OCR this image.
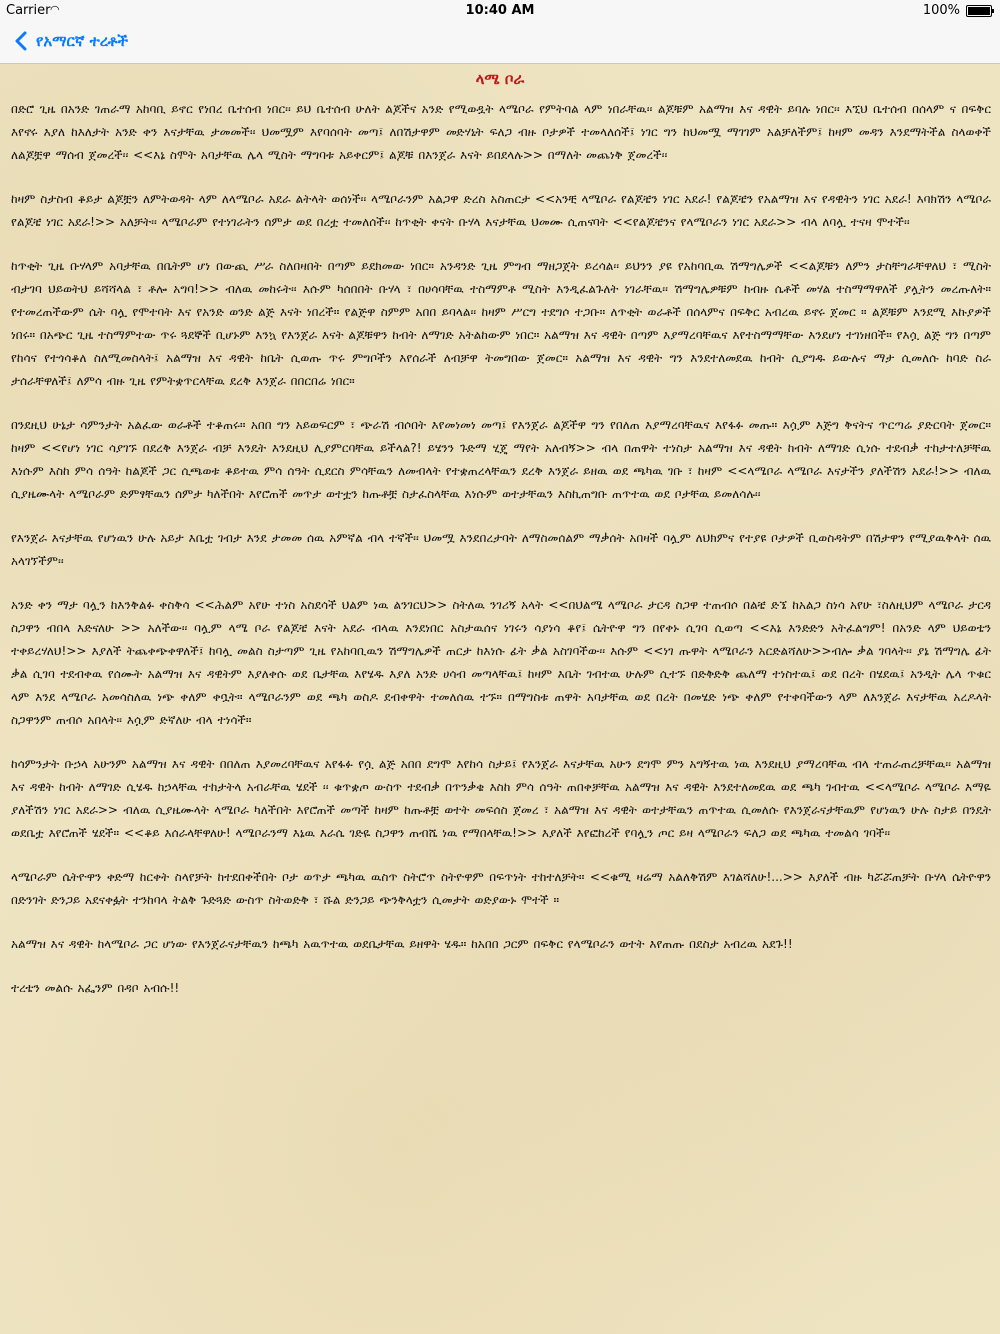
Carrier ◠	10:40 AM	100%
የአማርኛ ተረቶች
ላሜ ቦራ

በድሮ ጊዜ በአንድ ገጠራማ አከባቢ ይኖር የነበረ ቤተሰብ ነበር፡፡ ይህ ቤተሰብ ሁለት ልጆችና አንድ የሚወዷት ላሜቦራ የምትባል ላም ነበራቸዉ፡፡ ልጆቹም አልማዝ እና ዳዊት ይባሉ ነበር፡፡ እኚህ ቤተሰብ በሰላም ና በፍቅር እየኖሩ እያለ ከእለታት አንድ ቀን እናታቸዉ ታመመች፡፡ ህመሟም እየባሰባት መጣ፤ ለበሽታዋም መድሃኒት ፍለጋ ብዙ ቦታዎች ተመላለሰች፤ ነገር ግን ከህመሟ ማገገም አልቻለችም፤ ከዛም መዳን እንደማትችል ስላወቀች ለልጆቿዋ ማሰብ ጀመረች፡፡ <<እኔ ስሞት አባታቸዉ ሌላ ሚስት ማግባቱ አይቀርም፤ ልጆቹ በእንጀራ እናት ይበደላሉ>> በማለት መጨነቅ ጀመረች፡፡

ከዛም ስታስብ ቆይታ ልጆቿን ለምትወዳት ላም ለላሜቦራ አደራ ልትላት ወሰነች፡፡ ላሜቦራንም አልጋዋ ድረስ አስጠርታ <<አንቺ ላሜቦራ የልጆቼን ነገር አደራ! የልጆቼን የአልማዝ እና የዳዊትን ነገር አደራ! እባክሽን ላሜቦራ የልጆቼ ነገር አደራ!>> አለቻት፡፡ ላሜቦራም የተነገራትን ሰምታ ወደ በረቷ ተመለሰች፡፡ ከጥቂት ቀናት ቡሃላ እናታቸዉ ህመሙ ሲጠናባት <<የልጆቼንና የላሜቦራን ነገር አደራ>> ብላ ለባሏ ተናዛ ሞተች፡፡

ከጥቂት ጊዜ ቡሃላም አባታቸዉ በቤትም ሆነ በውጪ ሥራ ስለበዛበት በጣም ይደክመው ነበር። አንዳንድ ጊዜ ምግብ ማዘጋጀት ይረሳል፡፡ ይህንን ያዩ የአከባቢዉ ሽማግሌዎች <<ልጆቹን ለምን ታስቸግራቸዋለህ ፣ ሚስት ብታገባ ህይወትህ ይሻሻላል ፣ ቶሎ አግባ!>> ብለዉ መከሩት፡፡ እሱም ካሰበበት ቡሃላ ፣ በሀሳባቸዉ ተስማምቶ ሚስት እንዲፈልጉለት ነገራቸዉ፡፡ ሽማግሌዎቹም ከብዙ ሴቶች መሃል ተስማማዋለች ያሏትን መረጡለት። የተመረጠችውም ሴት ባሏ የሞተባት እና የአንድ ወንድ ልጅ እናት ነበረች። የልጅዋ ስምም አበበ ይባላል፡፡ ከዛም ሥርግ ተደግሶ ተጋቡ። ለጥቂት ወራቶች በሰላምና በፍቅር አብረዉ ይኖሩ ጀመር ። ልጆቹም እንደሚ እኩያዎች ነበሩ። በአጭር ጊዜ ተስማምተው ጥሩ ጓደኞች ቢሆኑም እንኳ የእንጀራ እናት ልጆቹዋን ከብት ለማገድ አትልከውም ነበር። አልማዝ እና ዳዊት በጣም እያማረባቸዉና እየተስማማቸው እንደሆነ ተገነዘበች። የእሷ ልጅ ግን በጣም የከሳና የተጎሳቆለ ስለሚመስላት፤ አልማዝ እና ዳዊት ከቤት ሲወጡ ጥሩ ምግቦችን እየሰራች ለብቻዋ ትመግበው ጀመር። አልማዝ እና ዳዊት ግን እንደተለመደዉ ከብት ሲያግዱ ይውሉና ማታ ሲመለሱ ከባድ ስራ ታሰራቸዋለች፤ ለምሳ ብዙ ጊዜ የምትቋጥርላቸዉ ደረቅ እንጀራ በበርበሬ ነበር።

በንደዚህ ሁኔታ ሳምንታት አልፈው ወራቶች ተቆጠሩ። አበበ ግን አይወፍርም ፣ ጭራሽ ብሶበት እየመነመነ መጣ፤ የእንጀራ ልጆችዋ ግን የበለጠ እያማረባቸዉና እየፋፉ መጡ። እሷም እጅግ ቅናትና ጥርጣሬ ያድርባት ጀመር። ከዛም <<የሆነ ነገር ሳያገኙ በደረቅ እንጀራ ብቻ እንዴት እንደዚህ ሊያምርባቸዉ ይችላል?! ይሄንን ጉድማ ሂጄ ማየት አለብኝ>> ብላ በጠዋት ተነስታ አልማዝ እና ዳዊት ከብት ለማገድ ሲነሱ ተደብቃ ተከታተለቻቸዉ እነሱም እስከ ምሳ ሰዓት ከልጆች ጋር ሲጫወቱ ቆይተዉ ምሳ ሰዓት ሲደርስ ምሳቸዉን ለመብላት የተቋጠረላቸዉን ደረቅ እንጀራ ይዘዉ ወደ ጫካዉ ገቡ ፣ ከዛም <<ላሜቦራ ላሜቦራ እናታችን ያለችሽን አደራ!>> ብለዉ ሲያዜሙላት ላሜቦራም ድምፃቸዉን ሰምታ ካለችበት እየሮጠች መጥታ ወተቷን ከጡቶቿ ስታፈስላቸዉ እነሱም ወተታቸዉን እስኪጠግቡ ጠጥተዉ ወደ ቦታቸዉ ይመለሳሉ፡፡

የእንጀራ እናታቸዉ የሆነዉን ሁሉ አይታ እቤቷ ገብታ እንደ ታመመ ሰዉ አምኛል ብላ ተኛች፡፡ ህመሟ እንደበረታባት ለማስመሰልም ማቃሰት አበዛች ባሏም ለህክምና የተያዩ ቦታዎች ቢወስዳትም በሽታዋን የሚያዉቅላት ሰዉ አላገኘችም፡፡

አንድ ቀን ማታ ባሏን ከእንቅልፉ ቀስቅሳ <<ሕልም አየሁ ተነስ አስደሳች ህልም ነዉ ልንገርህ>> ስትለዉ ንገሪኝ አላት <<በህልሜ ላሜቦራ ታርዳ ስጋዋ ተጠብሶ በልቼ ድኜ ከአልጋ ስነሳ አየሁ ፣ስለዚህም ላሜቦራ ታርዳ ስጋዋን ብበላ እድናለሁ >> አለችው፡፡ ባሏም ላሜ ቦራ የልጆቼ እናት አደራ ብላዉ እንደነበር አስታዉሰና ነገሩን ሳያነሳ ቆየ፤ ሴትዮዋ ግን በየቀኑ ሲገባ ሲወጣ <<እኔ እንድድን አትፈልግም! በአንድ ላም ህይወቴን ተቀይረሃለህ!>> እያለች ትጨቀጭቀዋለች፤ ከባሏ መልስ ስታጣም ጊዜ የአከባቢዉን ሽማግሌዎች ጠርታ ከእነሱ ፊት ቃል አስገባችው፡፡ እሱም <<ነገ ጡዋት ላሜቦራን አርድልሻለሁ>>ብሎ ቃል ገባላት፡፡ ያኔ ሽማግሌ ፊት ቃል ሲገባ ተደብቀዉ የሰሙት አልማዝ እና ዳዊትም እያለቀሱ ወደ ቤታቸዉ እየሄዱ እያለ አንድ ሀሳብ መጣላቸዉ፤ ከዛም እቤት ገብተዉ ሁሉም ሲተኙ በድቅድቅ ጨለማ ተነስተዉ፤ ወደ በረት በሄደዉ፤ አንዲት ሌላ ጥቁር ላም እንደ ላሜቦራ አመሳስለዉ ነጭ ቀለም ቀቧት። ላሜቦራንም ወደ ጫካ ወስዶ ደብቀዋት ተመለሰዉ ተኙ። በማግስቱ ጠዋት አባታቸዉ ወደ በረት በመሄድ ነጭ ቀለም የተቀባችውን ላም ለእንጀራ እናታቸዉ አረዶላት ስጋዋንም ጠብሶ አበላት፡፡ እሷም ድኛለሁ ብላ ተነሳች።

ከሳምንታት ቡኃላ አሁንም አልማዝ እና ዳዊት በበለጠ እያመረባቸዉና አየፋፉ የሷ ልጅ አበበ ደግሞ እየከሳ ስታይ፤ የእንጀራ እናታቸዉ አሁን ደግሞ ምን አግኝተዉ ነዉ እንደዚህ ያማረባቸዉ ብላ ተጠራጠረቻቸዉ፡፡ አልማዝ እና ዳዊት ከብት ለማገድ ሲሄዱ ከኃላቸዉ ተከታትላ አብራቸዉ ሄደች ፡፡ ቁጥቋጦ ውስጥ ተደብቃ በጥንቃቄ እስከ ምሳ ሰዓት ጠበቀቻቸዉ አልማዝ እና ዳዊት እንደተለመደዉ ወደ ጫካ ገብተዉ <<ላሜቦራ ላሜቦራ እማዬ ያለችሽን ነገር አደራ>> ብለዉ ሲያዜሙላት ላሜቦራ ካለችበት እየሮጠች መጣች ከዛም ከጡቶቿ ወተት መፍሰስ ጀመረ ፣ አልማዝ እና ዳዊት ወተታቸዉን ጠጥተዉ ሲመለሱ የእንጀራናታቸዉም የሆነዉን ሁሉ ስታይ በንዴት ወደቤቷ እየሮጠች ሄደች። <<ቆይ እሰራላቸዋለሁ! ላሜቦራንማ እኔዉ እራሴ ገድዬ ስጋዋን ጠብሼ ነዉ የማበላቸዉ!>> እያለች እየፎከረች የባሏን ጦር ይዛ ላሜቦራን ፍለጋ ወደ ጫካዉ ተመልሳ ገባች፡፡

ላሜቦራም ሴትዮዋን ቀድማ ከርቀት ስላየቻት ከተደበቀችበት ቦታ ወጥታ ጫካዉ ዉስጥ ስትሮጥ ስትዮዋም በፍጥነት ተከተለቻት። <<ቁሚ ዛሬማ አልለቅሽም እገልሻለሁ!...>> እያለች ብዙ ካሯሯጠቻት ቡሃላ ሴትዮዋን በድንገት ድንጋይ አደናቀፏት ተንከባላ ትልቅ ጉድጓድ ውስጥ ስትወድቅ ፣ ሹል ድንጋይ ጭንቅላቷን ሲመታት ወድያውኑ ሞተች ።

አልማዝ እና ዳዊት ከላሜቦራ ጋር ሆነው የእንጀራናታቸዉን ከጫካ አዉጥተዉ ወደቤታቸዉ ይዘዋት ሄዱ። ከአበበ ጋርም በፍቅር የላሜቦራን ወተት እየጠጡ በደስታ አብረዉ አደጉ!!

ተረቴን መልሱ አፌንም በዳቦ አብሱ!!
